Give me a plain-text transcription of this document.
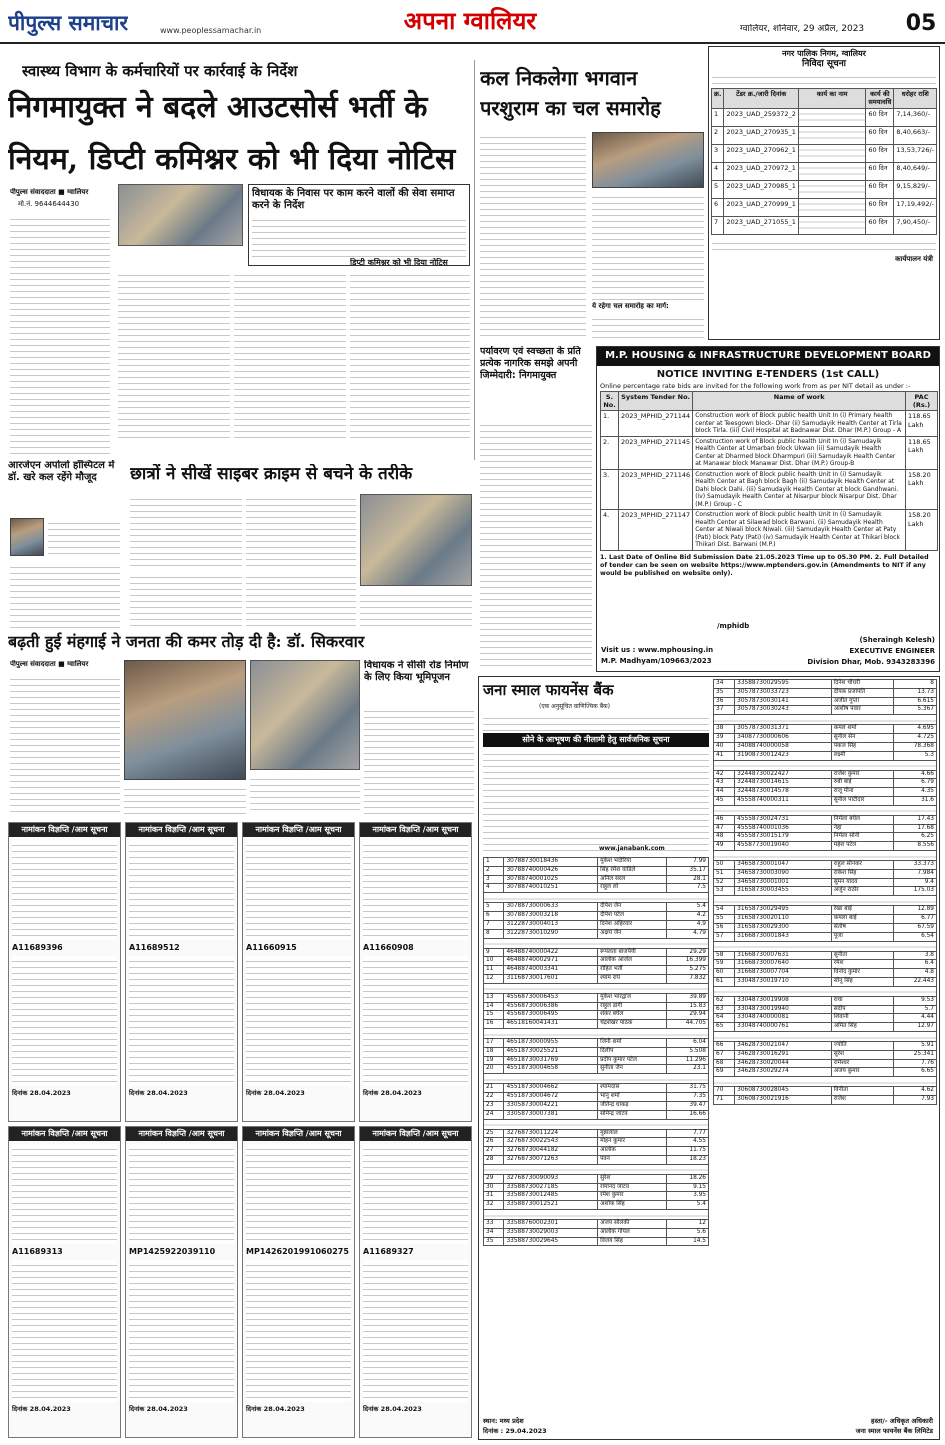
पीपुल्स समाचार	www.peoplessamachar.in	अपना ग्वालियर	ग्वालियर, शनिवार, 29 अप्रैल, 2023 05
स्वास्थ्य विभाग के कर्मचारियों पर कार्रवाई के निर्देश
निगमायुक्त ने बदले आउटसोर्स भर्ती के
नियम, डिप्टी कमिश्नर को भी दिया नोटिस
पीपुल्स संवाददाता ■ ग्वालियर
मो.नं. 9644644430
विधायक के निवास पर काम करने वालों की सेवा समाप्त करने के निर्देश
आरजेएन अपोलो हॉस्पिटल में डॉ. खरे कल रहेंगे मौजूद	छात्रों ने सीखें साइबर क्राइम से बचने के तरीके
कल निकलेगा भगवान
परशुराम का चल समारोह
ये रहेगा चल समारोह का मार्ग:
नगर पालिक निगम, ग्वालियर
निविदा सूचना
क्र.	टेंडर क्र./जारी दिनांक	कार्य का नाम	कार्य की समयावधि	धरोहर राशि
1	2023_UAD_259372_2		60 दिन	7,14,360/-
2	2023_UAD_270935_1		60 दिन	8,40,663/-
3	2023_UAD_270962_1		60 दिन	13,53,726/-
4	2023_UAD_270972_1		60 दिन	8,40,649/-
5	2023_UAD_270985_1		60 दिन	9,15,829/-
6	2023_UAD_270999_1		60 दिन	17,19,492/-
7	2023_UAD_271055_1		60 दिन	7,90,450/-
कार्यपालन यंत्री
पर्यावरण एवं स्वच्छता के प्रति प्रत्येक नागरिक समझे अपनी जिम्मेदारी: निगमायुक्त
M.P. HOUSING & INFRASTRUCTURE DEVELOPMENT BOARD
NOTICE INVITING E-TENDERS (1st CALL)
Online percentage rate bids are invited for the following work from as per NIT detail as under :-
S. No.	System Tender No.	Name of work	PAC (Rs.)
1.	2023_MPHID_271144	Construction work of Block public health Unit In (i) Primary health center at Teesgown block- Dhar (ii) Samudayik Health Center at Tirla block Tirla. (iii) Civil Hospital at Badnawar Dist. Dhar (M.P.) Group - A	118.65 Lakh
2.	2023_MPHID_271145	Construction work of Block public health Unit In (i) Samudayik Health Center at Umarban block Ukwan (ii) Samudayik Health Center at Dharmed block Dharmpuri (iii) Samudayik Health Center at Manawar block Manawar Dist. Dhar (M.P.) Group-B	118.65 Lakh
3.	2023_MPHID_271146	Construction work of Block public health Unit In (i) Samudayik Health Center at Bagh block Bagh (ii) Samudayik Health Center at Dahi block Dahi. (iii) Samudayik Health Center at block Gandhwani. (iv) Samudayik Health Center at Nisarpur block Nisarpur Dist. Dhar (M.P.) Group - C	158.20 Lakh
4.	2023_MPHID_271147	Construction work of Block public health Unit In (i) Samudayik Health Center at Silawad block Barwani. (ii) Samudayik Health Center at Niwali block Niwali. (iii) Samudayik Health Center at Paty (Pati) block Paty (Pati) (iv) Samudayik Health Center at Thikari block Thikari Dist. Barwani (M.P.)	158.20 Lakh
1. Last Date of Online Bid Submission Date 21.05.2023 Time up to 05.30 PM. 2. Full Detailed of tender can be seen on website https://www.mptenders.gov.in (Amendments to NIT if any would be published on website only).
Visit us : www.mphousing.in
M.P. Madhyam/109663/2023
/mphidb
(Sheraingh Kelesh)
EXECUTIVE ENGINEER
Division Dhar, Mob. 9343283396
बढ़ती हुई मंहगाई ने जनता की कमर तोड़ दी है: डॉ. सिकरवार
पीपुल्स संवाददाता ■ ग्वालियर	विधायक ने सीसी रोड निर्माण के लिए किया भूमिपूजन
नामांकन विज्ञप्ति /आम सूचना
A11689396
दिनांक 28.04.2023
नामांकन विज्ञप्ति /आम सूचना
A11689512
दिनांक 28.04.2023
नामांकन विज्ञप्ति /आम सूचना
A11660915
दिनांक 28.04.2023
नामांकन विज्ञप्ति /आम सूचना
A11660908
दिनांक 28.04.2023
नामांकन विज्ञप्ति /आम सूचना
A11689313
दिनांक 28.04.2023
नामांकन विज्ञप्ति /आम सूचना
MP1425922039110
दिनांक 28.04.2023
नामांकन विज्ञप्ति /आम सूचना
MP1426201991060275
दिनांक 28.04.2023
नामांकन विज्ञप्ति /आम सूचना
A11689327
दिनांक 28.04.2023
जना स्माल फायनेंस बैंक
(एक अनुसूचित वाणिज्यिक बैंक)
सोने के आभूषण की नीलामी हेतु सार्वजनिक सूचना
www.janabank.com
1	30788730018436	मुकेश भदौरिया	7.99
2	30788740000426	सिंह रमेश वाडिले	35.17
3	30788740001025	अनिल सरल	28.1
4	30788740010251	राहुल लो	7.5

5	30788730000633	दीपेश जैन	5.4
6	30788730003218	दीपेश पटेल	4.2
7	31228730004013	दिनेश अहिरवार	4.9
8	31228730010290	अक्षय जैन	4.79

9	46488740000422	रूपलता बाजपेयी	29.29
10	46488740002971	आलोक आर्जल	16.399
11	46488740003341	रोहित भर्ती	5.275
12	31168730017601	श्याम राय	7.832

13	45568730006453	मुकेश भारद्वाज	39.89
14	45568730006386	राहुल डांगी	15.83
15	45568730006495	शंकर बघेल	29.94
16	46518160041431	चंद्रशेखर पाठक	44.705

17	46518730000955	जिनी शर्मा	6.04
18	46518730025521	दिलीप	5.508
19	46518730031769	प्रदीप कुमार पटेल	11.296
20	45518730004658	सुनीता जैन	23.1

21	45518730004662	श्यामदास	31.75
22	45518730004672	भानु शर्मा	7.35
23	33058730004221	जीतेन्द्र धाकड़	39.47
24	33058730007381	सोमेन्द्र जाटव	16.66

25	32768730011224	मुन्नालाल	7.77
26	32768730022543	मोहन कुमार	4.55
27	32768730044182	आलोक	11.75
28	32768730071263	पवन	18.23

29	32768730090093	सुरेश	18.26
30	33588730027185	रामानंद जाटव	9.15
31	33588730012485	रमेश कुमार	3.95
32	33588730012521	अशोक सिंह	5.4

33	33588760002301	अजय सोलंकी	12
34	33588730029003	आलोक गोयल	5.6
35	33588730029645	विजय सिंह	14.5
34	33588730029595	दिनेश चौधरी	8
35	30578730033723	दीपक प्रजापति	13.73
36	30578730030141	अजीत गुप्ता	6.615
37	30578730030243	आशीष पवार	5.367

38	30578730031371	कमल शर्मा	4.695
39	34087730000606	सुनील सेन	4.725
40	34088740000058	पंकज सिंह	78.368
41	31908730012423	लक्ष्मी	5.3

42	32448730022427	राजेश कुमार	4.66
43	32448730014615	रुबी बाई	6.79
44	32448730014578	राजू मीना	4.35
45	45558740000311	सुनील पाटीदार	31.6

46	45558730024731	निर्मला बघेल	17.43
47	45558740001036	नेहा	17.68
48	45558730015179	निर्मला सोनी	6.25
49	45587730019040	महेश पटेल	8.556

50	34658730001047	राहुल सोनकर	33.373
51	34658730003090	राकेश सिंह	7.984
52	34658730001001	सुमन यादव	9.4
53	31658730003455	अर्जुन राठौर	175.03

54	31658730029495	रेखा बाई	12.89
55	31658730020110	कमला बाई	6.77
56	31658730029300	संतोष	67.59
57	31668730001843	पूजा	6.54

58	31668730007631	सुनीता	3.8
59	31668730007640	रमेश	6.4
60	31668730007704	विनोद कुमार	4.8
61	33048730019710	सोनू सिंह	22.443

62	33048730019908	राधा	9.53
63	33048730019940	संदीप	5.7
64	33048740000081	शिवानी	4.44
65	33048740000761	अमित सिंह	12.97

66	34628730021047	ज्योति	5.91
67	34628730016291	सुरेश	25.341
68	34628730020044	रामेश्वर	7.76
69	34628730029274	अजय कुमार	6.65

70	30608730028045	विनीता	4.62
71	30608730021916	राजेश	7.93
स्थान: मध्य प्रदेश
दिनांक : 29.04.2023
हस्ता/- अधिकृत अधिकारी
जना स्माल फायनेंस बैंक लिमिटेड
डिप्टी कमिश्नर को भी दिया नोटिस
